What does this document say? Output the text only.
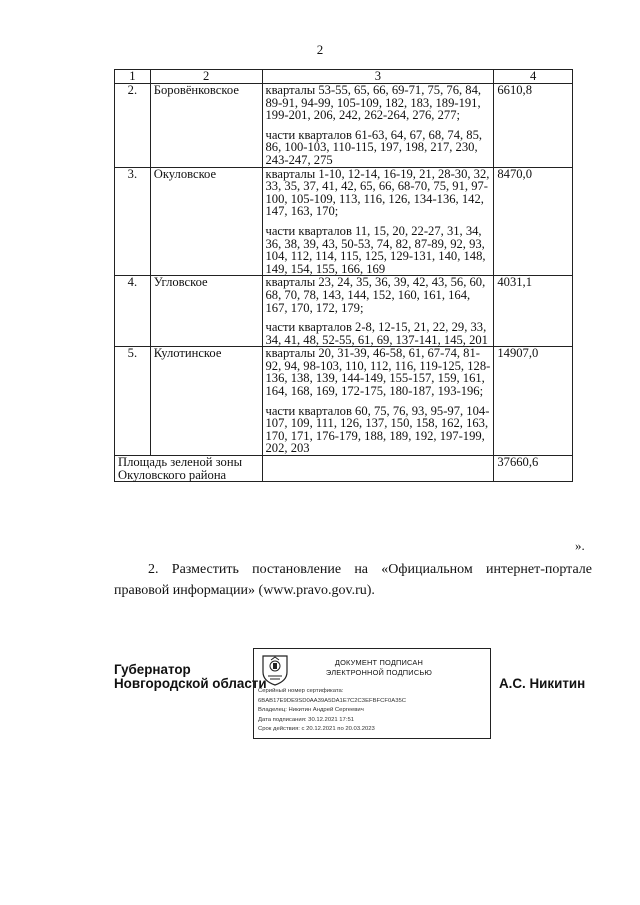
2
1	2	3	4
2.	Боровёнковское	кварталы 53-55, 65, 66, 69-71, 75, 76, 84, 89-91, 94-99, 105-109, 182, 183, 189-191, 199-201, 206, 242, 262-264, 276, 277;

части кварталов 61-63, 64, 67, 68, 74, 85, 86, 100-103, 110-115, 197, 198, 217, 230, 243-247, 275	6610,8
3.	Окуловское	кварталы 1-10, 12-14, 16-19, 21, 28-30, 32, 33, 35, 37, 41, 42, 65, 66, 68-70, 75, 91, 97-100, 105-109, 113, 116, 126, 134-136, 142, 147, 163, 170;

части кварталов 11, 15, 20, 22-27, 31, 34, 36, 38, 39, 43, 50-53, 74, 82, 87-89, 92, 93, 104, 112, 114, 115, 125, 129-131, 140, 148, 149, 154, 155, 166, 169	8470,0
4.	Угловское	кварталы 23, 24, 35, 36, 39, 42, 43, 56, 60, 68, 70, 78, 143, 144, 152, 160, 161, 164, 167, 170, 172, 179;

части кварталов 2-8, 12-15, 21, 22, 29, 33, 34, 41, 48, 52-55, 61, 69, 137-141, 145, 201	4031,1
5.	Кулотинское	кварталы 20, 31-39, 46-58, 61, 67-74, 81-92, 94, 98-103, 110, 112, 116, 119-125, 128-136, 138, 139, 144-149, 155-157, 159, 161, 164, 168, 169, 172-175, 180-187, 193-196;

части кварталов 60, 75, 76, 93, 95-97, 104-107, 109, 111, 126, 137, 150, 158, 162, 163, 170, 171, 176-179, 188, 189, 192, 197-199, 202, 203	14907,0
Площадь зеленой зоны Окуловского района			37660,6
».
2. Разместить постановление на «Официальном интернет-портале правовой информации» (www.pravo.gov.ru).
Губернатор
Новгородской области
ДОКУМЕНТ ПОДПИСАН
ЭЛЕКТРОННОЙ ПОДПИСЬЮ
Серийный номер сертификата:
6BAB17E9DE9SD0AA39A5DA1E7C2C3EFBFCF0A35C
Владелец: Никитин Андрей Сергеевич
Дата подписания: 30.12.2021 17:51
Срок действия: с 20.12.2021 по 20.03.2023
А.С. Никитин
